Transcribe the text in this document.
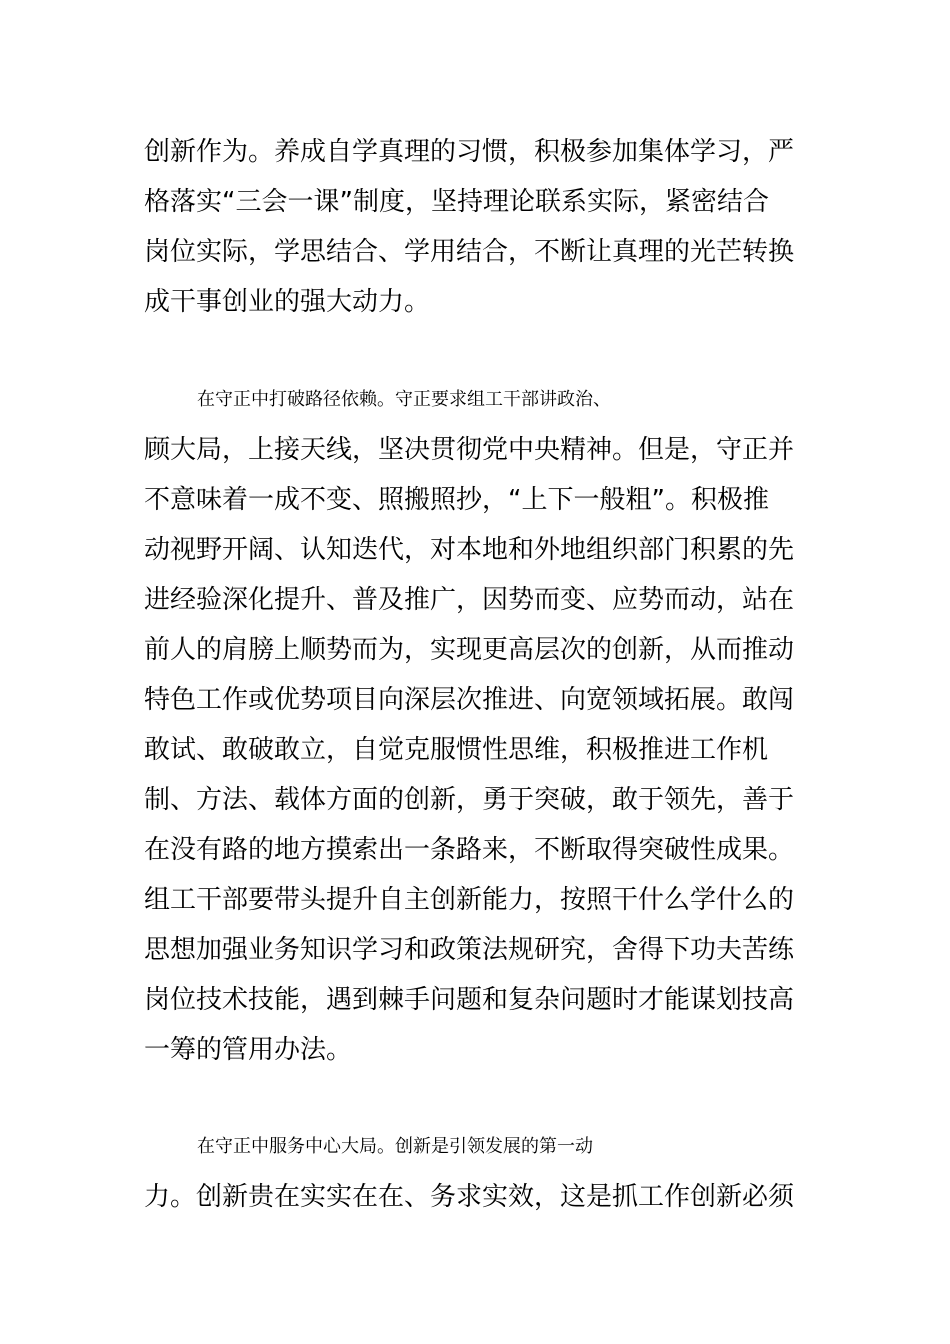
创新作为。养成自学真理的习惯，积极参加集体学习，严
格落实“三会一课”制度，坚持理论联系实际，紧密结合
岗位实际，学思结合、学用结合，不断让真理的光芒转换
成干事创业的强大动力。
在守正中打破路径依赖。守正要求组工干部讲政治、
顾大局，上接天线，坚决贯彻党中央精神。但是，守正并
不意味着一成不变、照搬照抄，“上下一般粗”。积极推
动视野开阔、认知迭代，对本地和外地组织部门积累的先
进经验深化提升、普及推广，因势而变、应势而动，站在
前人的肩膀上顺势而为，实现更高层次的创新，从而推动
特色工作或优势项目向深层次推进、向宽领域拓展。敢闯
敢试、敢破敢立，自觉克服惯性思维，积极推进工作机
制、方法、载体方面的创新，勇于突破，敢于领先，善于
在没有路的地方摸索出一条路来，不断取得突破性成果。
组工干部要带头提升自主创新能力，按照干什么学什么的
思想加强业务知识学习和政策法规研究，舍得下功夫苦练
岗位技术技能，遇到棘手问题和复杂问题时才能谋划技高
一筹的管用办法。
在守正中服务中心大局。创新是引领发展的第一动
力。创新贵在实实在在、务求实效，这是抓工作创新必须
